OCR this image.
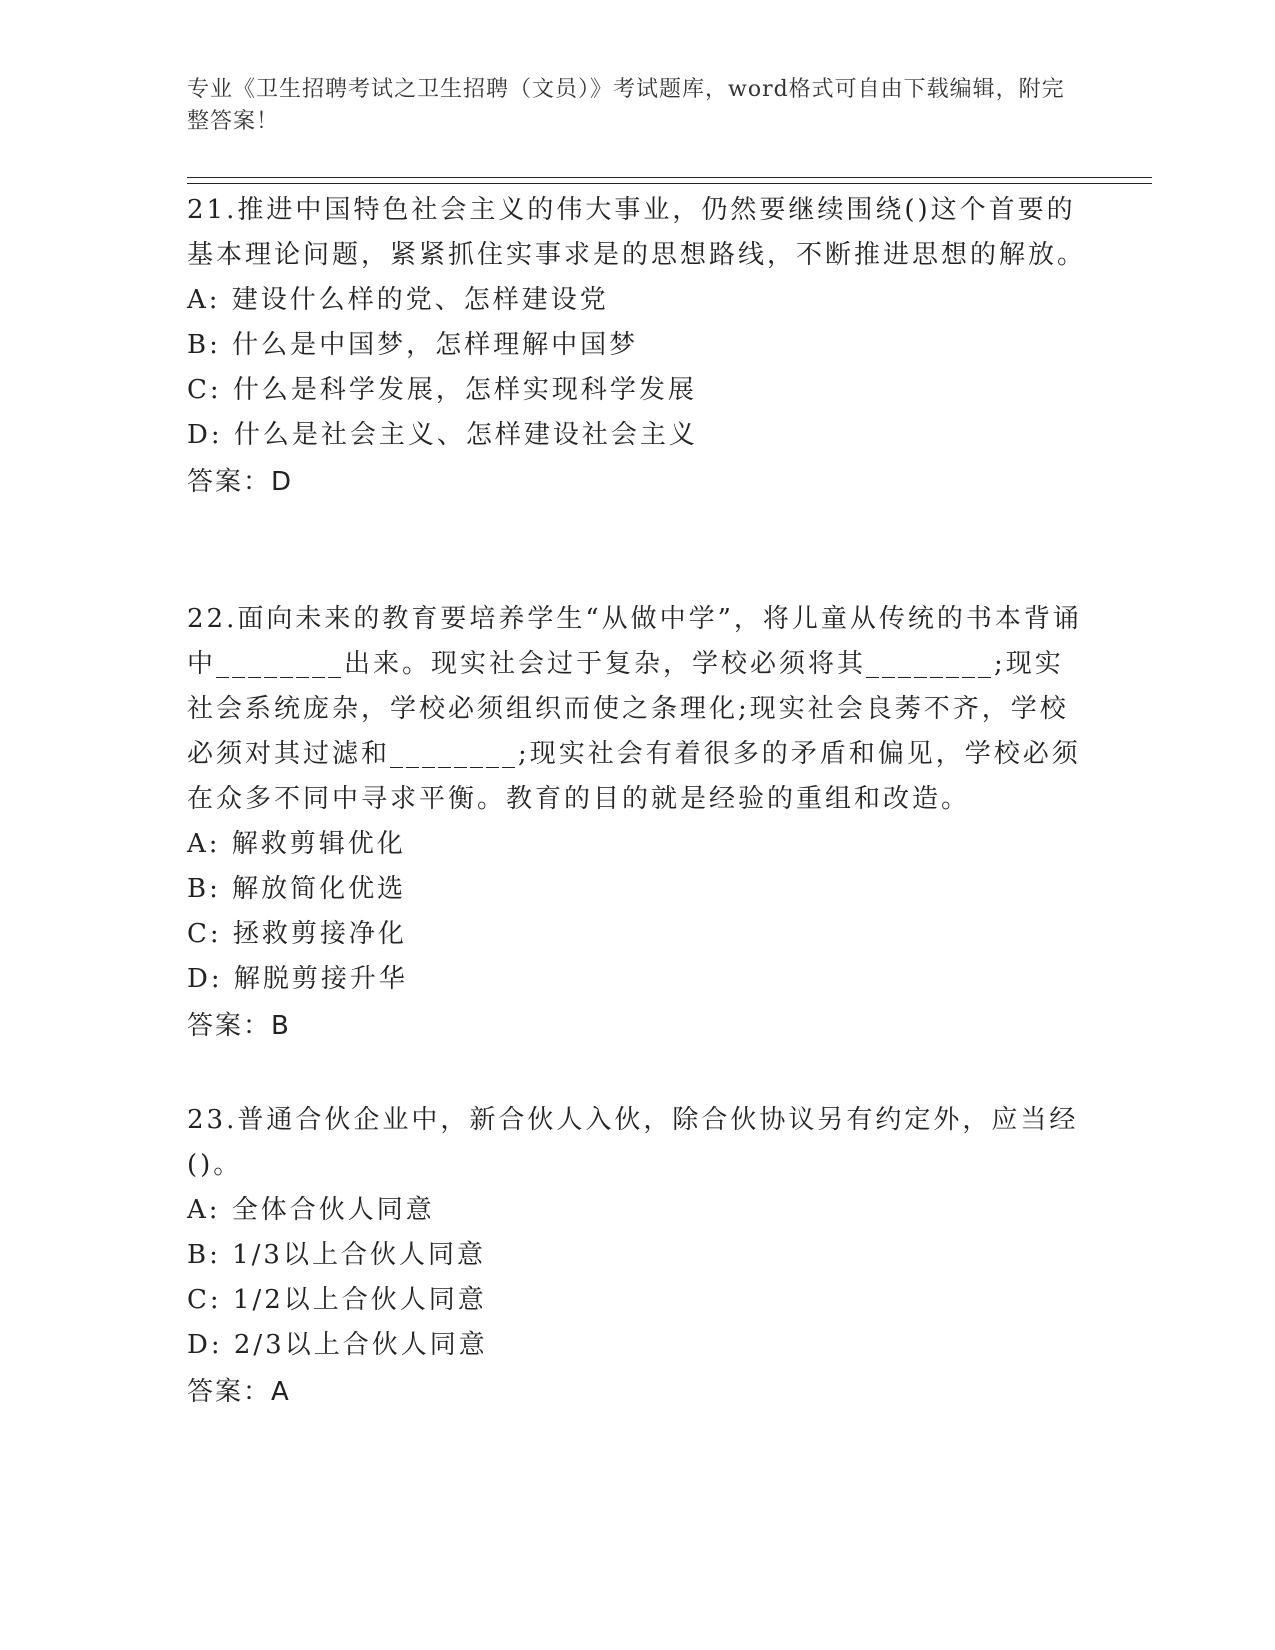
专业《卫生招聘考试之卫生招聘（文员）》考试题库，word格式可自由下载编辑，附完整答案！

21.推进中国特色社会主义的伟大事业，仍然要继续围绕()这个首要的基本理论问题，紧紧抓住实事求是的思想路线，不断推进思想的解放。

A: 建设什么样的党、怎样建设党
B: 什么是中国梦，怎样理解中国梦
C: 什么是科学发展，怎样实现科学发展
D: 什么是社会主义、怎样建设社会主义
答案：D

22.面向未来的教育要培养学生“从做中学”，将儿童从传统的书本背诵中________出来。现实社会过于复杂，学校必须将其________;现实社会系统庞杂，学校必须组织而使之条理化;现实社会良莠不齐，学校必须对其过滤和________;现实社会有着很多的矛盾和偏见，学校必须在众多不同中寻求平衡。教育的目的就是经验的重组和改造。

A: 解救剪辑优化
B: 解放简化优选
C: 拯救剪接净化
D: 解脱剪接升华
答案：B

23.普通合伙企业中，新合伙人入伙，除合伙协议另有约定外，应当经()。

A: 全体合伙人同意
B: 1/3以上合伙人同意
C: 1/2以上合伙人同意
D: 2/3以上合伙人同意
答案：A
